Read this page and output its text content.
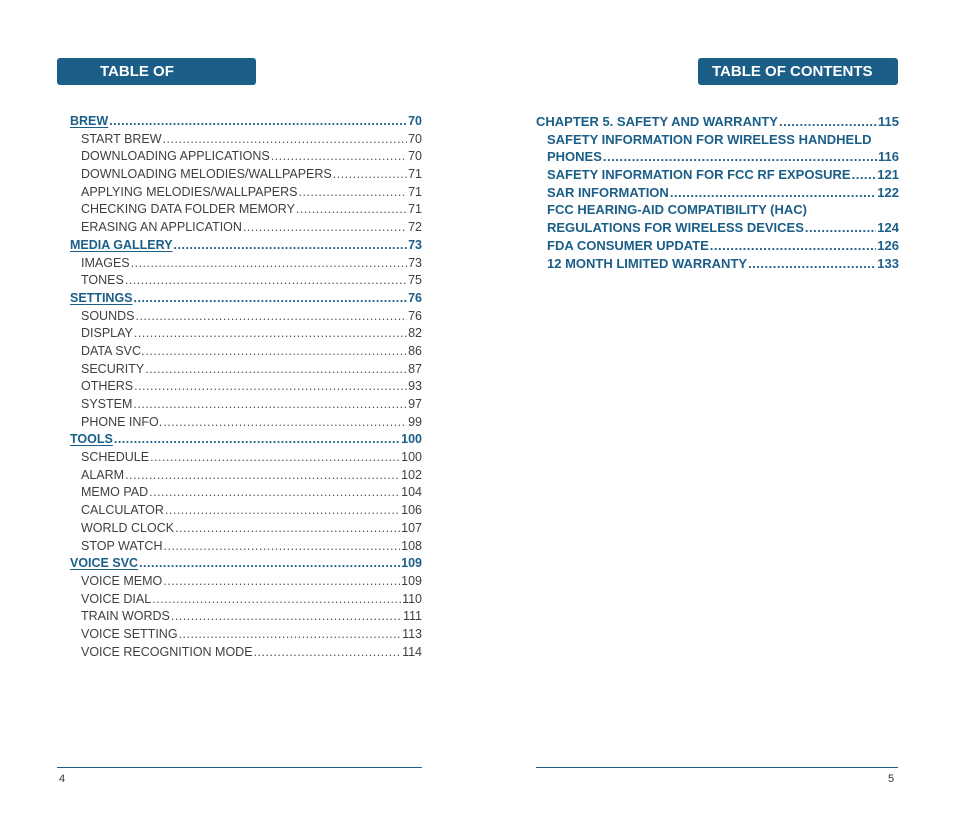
TABLE OF CONTENTS
TABLE OF CONTENTS
BREW .....	70
START BREW .....	70
DOWNLOADING APPLICATIONS .....	70
DOWNLOADING MELODIES/WALLPAPERS .....	71
APPLYING MELODIES/WALLPAPERS .....	71
CHECKING DATA FOLDER MEMORY .....	71
ERASING AN APPLICATION .....	72
MEDIA GALLERY .....	73
IMAGES .....	73
TONES .....	75
SETTINGS .....	76
SOUNDS .....	76
DISPLAY .....	82
DATA SVC. .....	86
SECURITY .....	87
OTHERS .....	93
SYSTEM .....	97
PHONE INFO. .....	99
TOOLS .....	100
SCHEDULE .....	100
ALARM .....	102
MEMO PAD .....	104
CALCULATOR .....	106
WORLD CLOCK .....	107
STOP WATCH .....	108
VOICE SVC .....	109
VOICE MEMO .....	109
VOICE DIAL .....	110
TRAIN WORDS .....	111
VOICE SETTING .....	113
VOICE RECOGNITION MODE .....	114
CHAPTER 5. SAFETY AND WARRANTY .....	115
SAFETY INFORMATION FOR WIRELESS HANDHELD
PHONES .....	116
SAFETY INFORMATION FOR FCC RF EXPOSURE ..... 121
SAR INFORMATION .....	122
FCC HEARING-AID COMPATIBILITY (HAC)
REGULATIONS FOR WIRELESS DEVICES .....	124
FDA CONSUMER UPDATE .....	126
12 MONTH LIMITED WARRANTY .....	133
4	5
